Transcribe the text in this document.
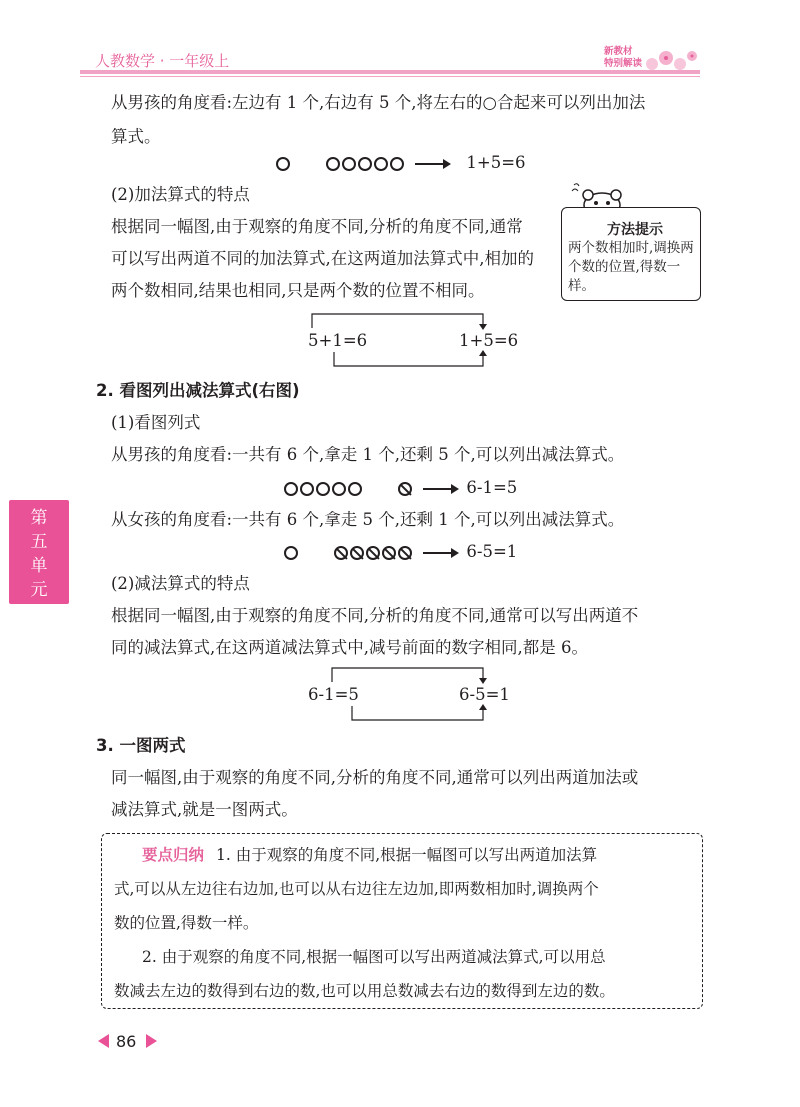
人教数学 · 一年级上
新教材
特别解读
第
五
单
元
从男孩的角度看:左边有 1 个,右边有 5 个,将左右的○合起来可以列出加法
算式。
1+5=6
(2)加法算式的特点
根据同一幅图,由于观察的角度不同,分析的角度不同,通常
可以写出两道不同的加法算式,在这两道加法算式中,相加的
两个数相同,结果也相同,只是两个数的位置不相同。
方法提示
两个数相加时,调换两个数的位置,得数一样。
5+1=6	1+5=6
2. 看图列出减法算式(右图)
(1)看图列式
从男孩的角度看:一共有 6 个,拿走 1 个,还剩 5 个,可以列出减法算式。
6-1=5
从女孩的角度看:一共有 6 个,拿走 5 个,还剩 1 个,可以列出减法算式。
6-5=1
(2)减法算式的特点
根据同一幅图,由于观察的角度不同,分析的角度不同,通常可以写出两道不
同的减法算式,在这两道减法算式中,减号前面的数字相同,都是 6。
6-1=5	6-5=1
3. 一图两式
同一幅图,由于观察的角度不同,分析的角度不同,通常可以列出两道加法或
减法算式,就是一图两式。
要点归纳 1. 由于观察的角度不同,根据一幅图可以写出两道加法算
式,可以从左边往右边加,也可以从右边往左边加,即两数相加时,调换两个
数的位置,得数一样。
2. 由于观察的角度不同,根据一幅图可以写出两道减法算式,可以用总
数减去左边的数得到右边的数,也可以用总数减去右边的数得到左边的数。
86
